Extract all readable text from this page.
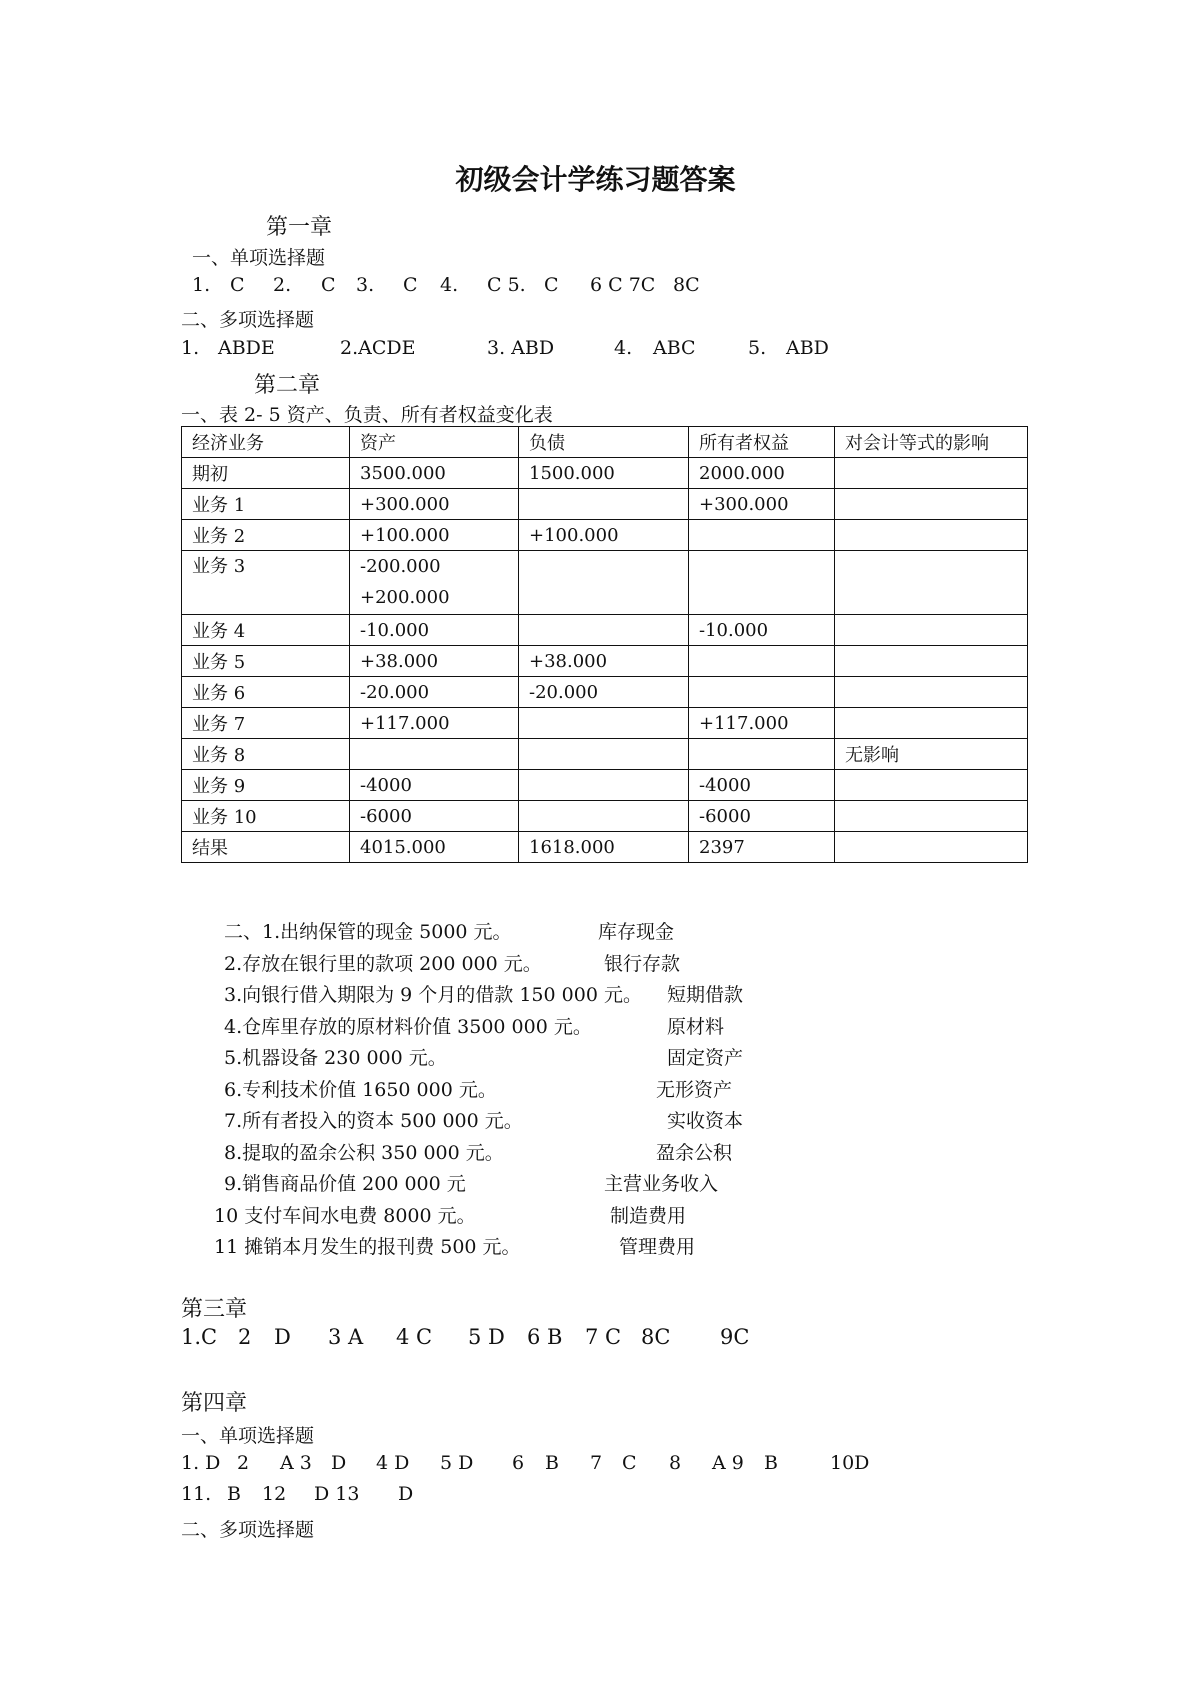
初级会计学练习题答案
第一章
一、单项选择题
1. C 2. C 3. C 4. C 5. C 6 C 7C 8C
二、多项选择题
1. ABDE	2.ACDE	3. ABD	4. ABC	5. ABD
第二章
一、表 2- 5 资产、负责、所有者权益变化表
经济业务	资产	负债	所有者权益	对会计等式的影响
期初	3500.000	1500.000	2000.000	
业务 1	+300.000		+300.000	
业务 2	+100.000	+100.000		

业务 3	-200.000
+200.000			

业务 4	-10.000		-10.000	
业务 5	+38.000	+38.000		
业务 6	-20.000	-20.000		
业务 7	+117.000		+117.000	
业务 8				无影响
业务 9	-4000		-4000	
业务 10	-6000		-6000	
结果	4015.000	1618.000	2397	
二、1.出纳保管的现金 5000 元。	库存现金
2.存放在银行里的款项 200 000 元。	银行存款
3.向银行借入期限为 9 个月的借款 150 000 元。 短期借款
4.仓库里存放的原材料价值 3500 000 元。	原材料
5.机器设备 230 000 元。	固定资产
6.专利技术价值 1650 000 元。	无形资产
7.所有者投入的资本 500 000 元。	实收资本
8.提取的盈余公积 350 000 元。	盈余公积
9.销售商品价值 200 000 元	主营业务收入
10 支付车间水电费 8000 元。	制造费用
11 摊销本月发生的报刊费 500 元。	管理费用
第三章
1.C 2 D 3 A 4 C 5 D 6 B 7 C 8C 9C
第四章
一、单项选择题
1. D 2 A 3 D 4 D 5 D 6 B 7 C 8 A 9 B	10D
11. B 12 D 13 D
二、多项选择题
